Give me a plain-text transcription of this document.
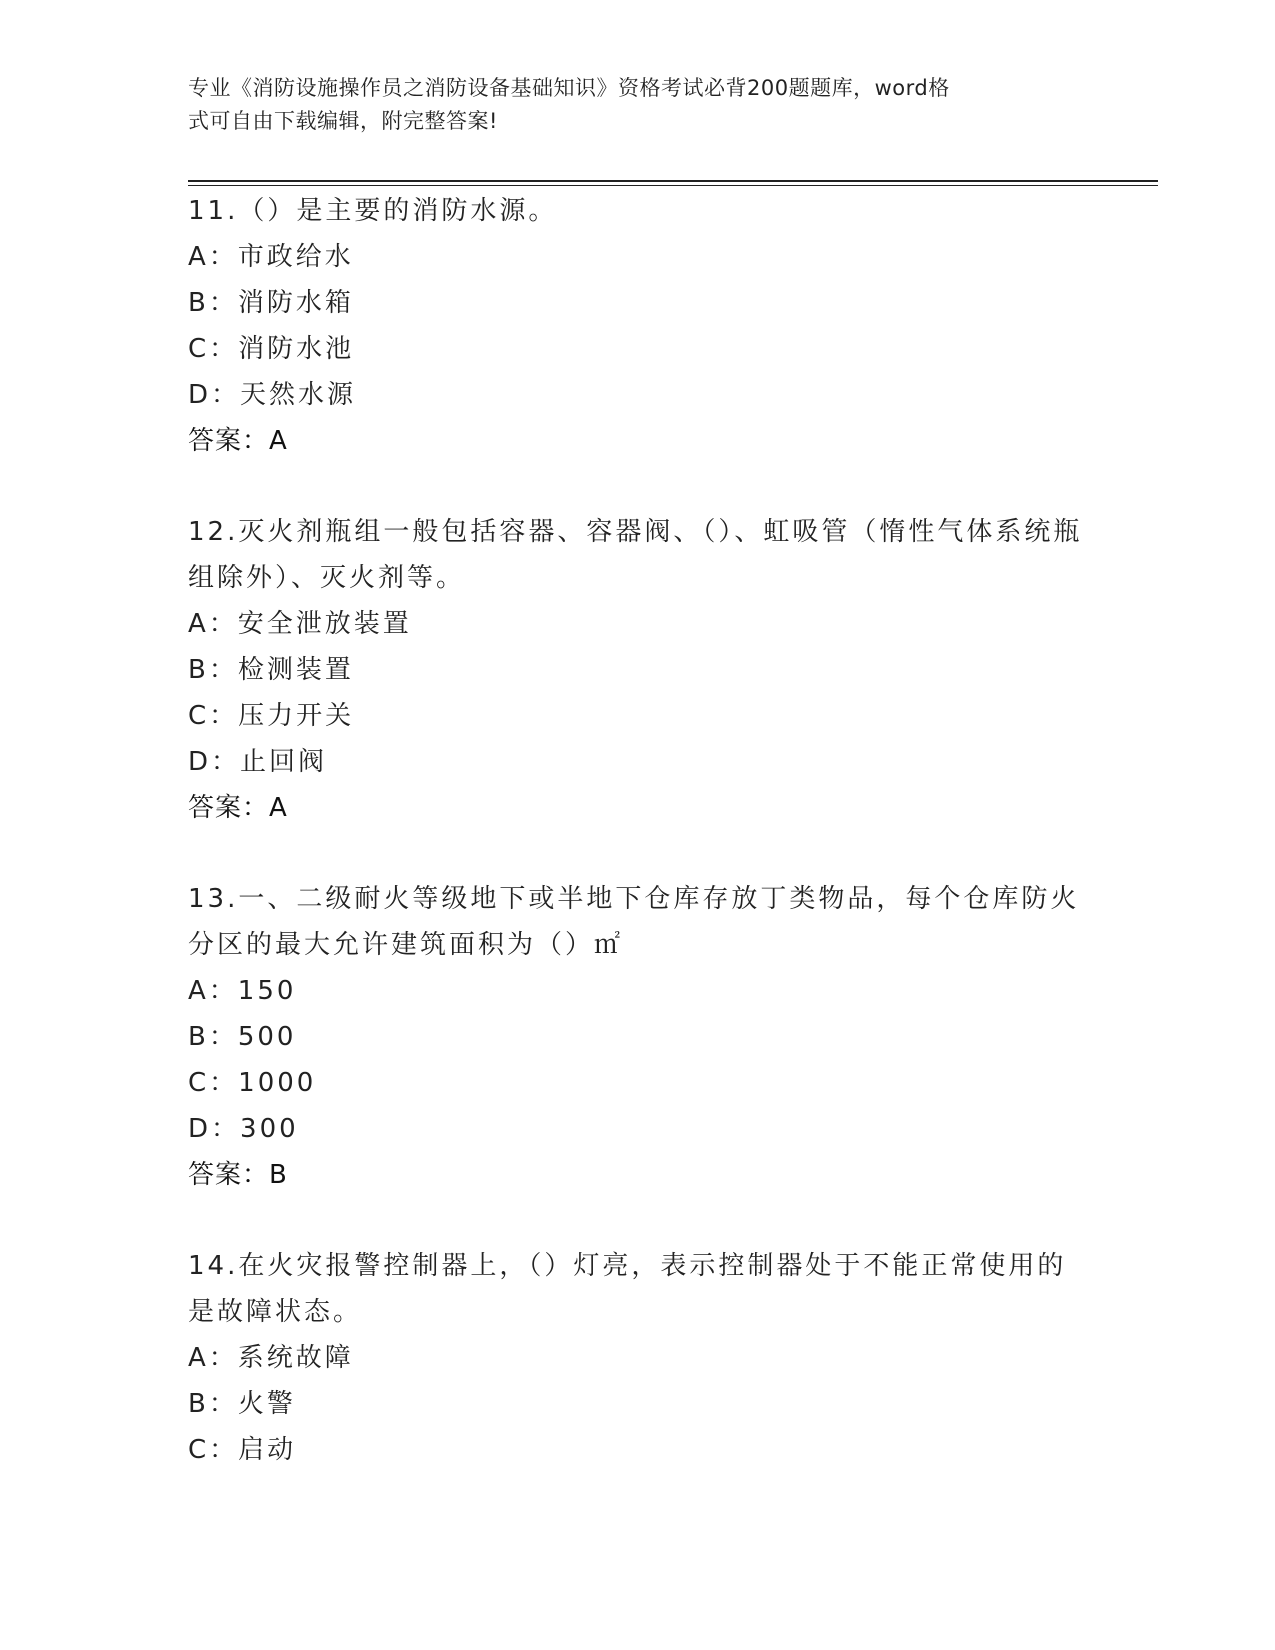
专业《消防设施操作员之消防设备基础知识》资格考试必背200题题库，word格
式可自由下载编辑，附完整答案!
11.（）是主要的消防水源。
A：市政给水
B：消防水箱
C：消防水池
D：天然水源
答案：A
12.灭火剂瓶组一般包括容器、容器阀、（）、虹吸管（惰性气体系统瓶组除外）、灭火剂等。
A：安全泄放装置
B：检测装置
C：压力开关
D：止回阀
答案：A
13.一、二级耐火等级地下或半地下仓库存放丁类物品，每个仓库防火分区的最大允许建筑面积为（）㎡
A：150
B：500
C：1000
D：300
答案：B
14.在火灾报警控制器上，（）灯亮，表示控制器处于不能正常使用的是故障状态。
A：系统故障
B：火警
C：启动
